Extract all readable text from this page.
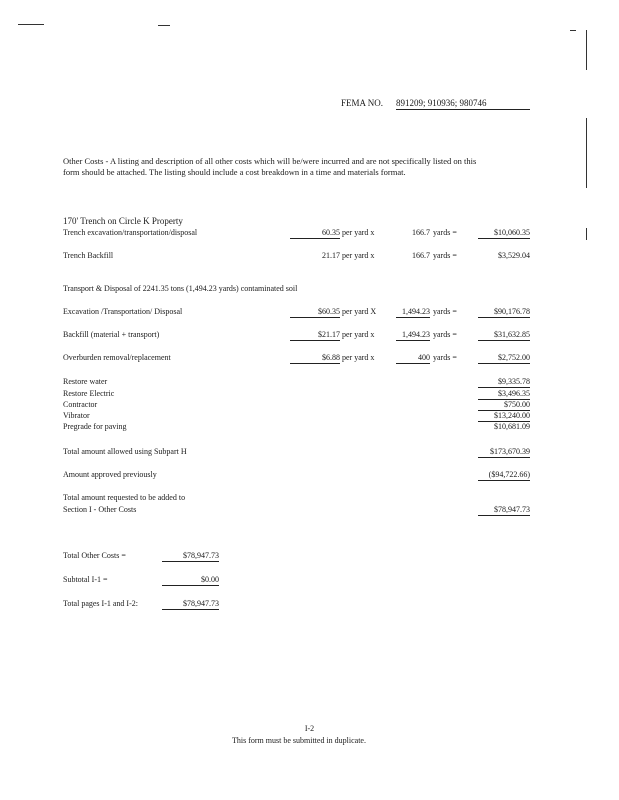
FEMA NO. 891209; 910936; 980746
Other Costs - A listing and description of all other costs which will be/were incurred and are not specifically listed on this form should be attached. The listing should include a cost breakdown in a time and materials format.
170' Trench on Circle K Property
Trench excavation/transportation/disposal	60.35 per yard x	166.7 yards =	$10,060.35
Trench Backfill	21.17 per yard x	166.7 yards =	$3,529.04
Transport & Disposal of 2241.35 tons (1,494.23 yards) contaminated soil
Excavation /Transportation/ Disposal	$60.35 per yard X	1,494.23 yards =	$90,176.78
Backfill (material + transport)	$21.17 per yard x	1,494.23 yards =	$31,632.85
Overburden removal/replacement	$6.88 per yard x	400 yards =	$2,752.00
Restore water	$9,335.78
Restore Electric	$3,496.35
Contractor	$750.00
Vibrator	$13,240.00
Pregrade for paving	$10,681.09
Total amount allowed using Subpart H	$173,670.39
Amount approved previously	($94,722.66)
Total amount requested to be added to
Section I - Other Costs	$78,947.73
Total Other Costs =	$78,947.73
Subtotal I-1 =	$0.00
Total pages I-1 and I-2:	$78,947.73
I-2
This form must be submitted in duplicate.
